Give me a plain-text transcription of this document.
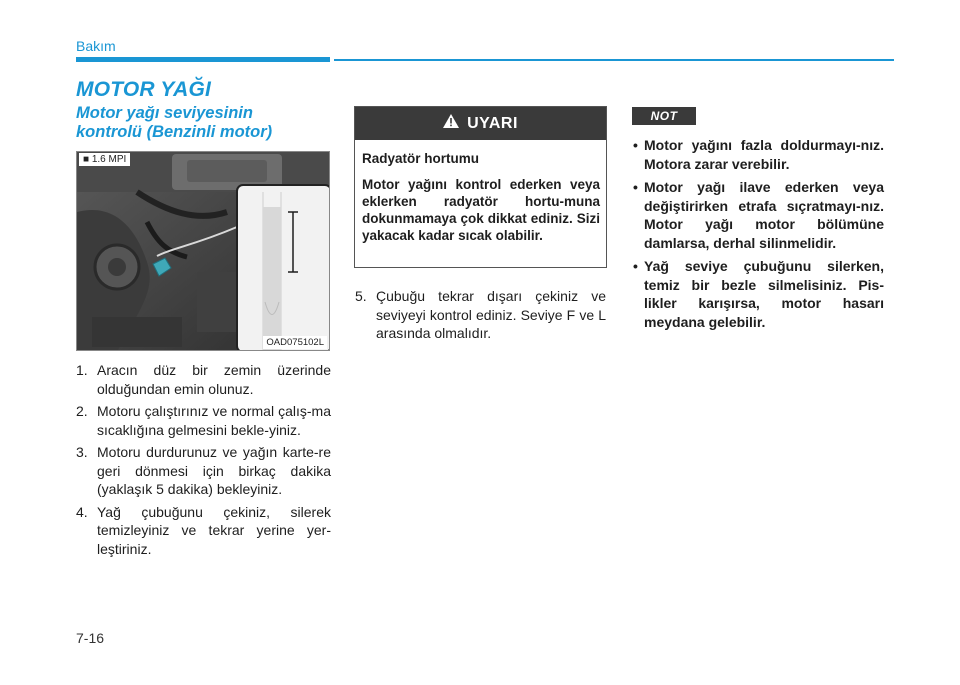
Bakım
MOTOR YAĞI
Motor yağı seviyesinin
kontrolü (Benzinli motor)
■ 1.6 MPI
OAD075102L
1. Aracın düz bir zemin üzerinde olduğundan emin olunuz.
2. Motoru çalıştırınız ve normal çalış-ma sıcaklığına gelmesini bekle-yiniz.
3. Motoru durdurunuz ve yağın karte-re geri dönmesi için birkaç dakika (yaklaşık 5 dakika) bekleyiniz.
4. Yağ çubuğunu çekiniz, silerek temizleyiniz ve tekrar yerine yer-leştiriniz.
UYARI
Radyatör hortumu
Motor yağını kontrol ederken veya eklerken radyatör hortu-muna dokunmamaya çok dikkat ediniz. Sizi yakacak kadar sıcak olabilir.
5. Çubuğu tekrar dışarı çekiniz ve seviyeyi kontrol ediniz. Seviye F ve L arasında olmalıdır.
NOT
• Motor yağını fazla doldurmayı-nız. Motora zarar verebilir.
• Motor yağı ilave ederken veya değiştirirken etrafa sıçratmayı-nız. Motor yağı motor bölümüne damlarsa, derhal silinmelidir.
• Yağ seviye çubuğunu silerken, temiz bir bezle silmelisiniz. Pis-likler karışırsa, motor hasarı meydana gelebilir.
7-16
